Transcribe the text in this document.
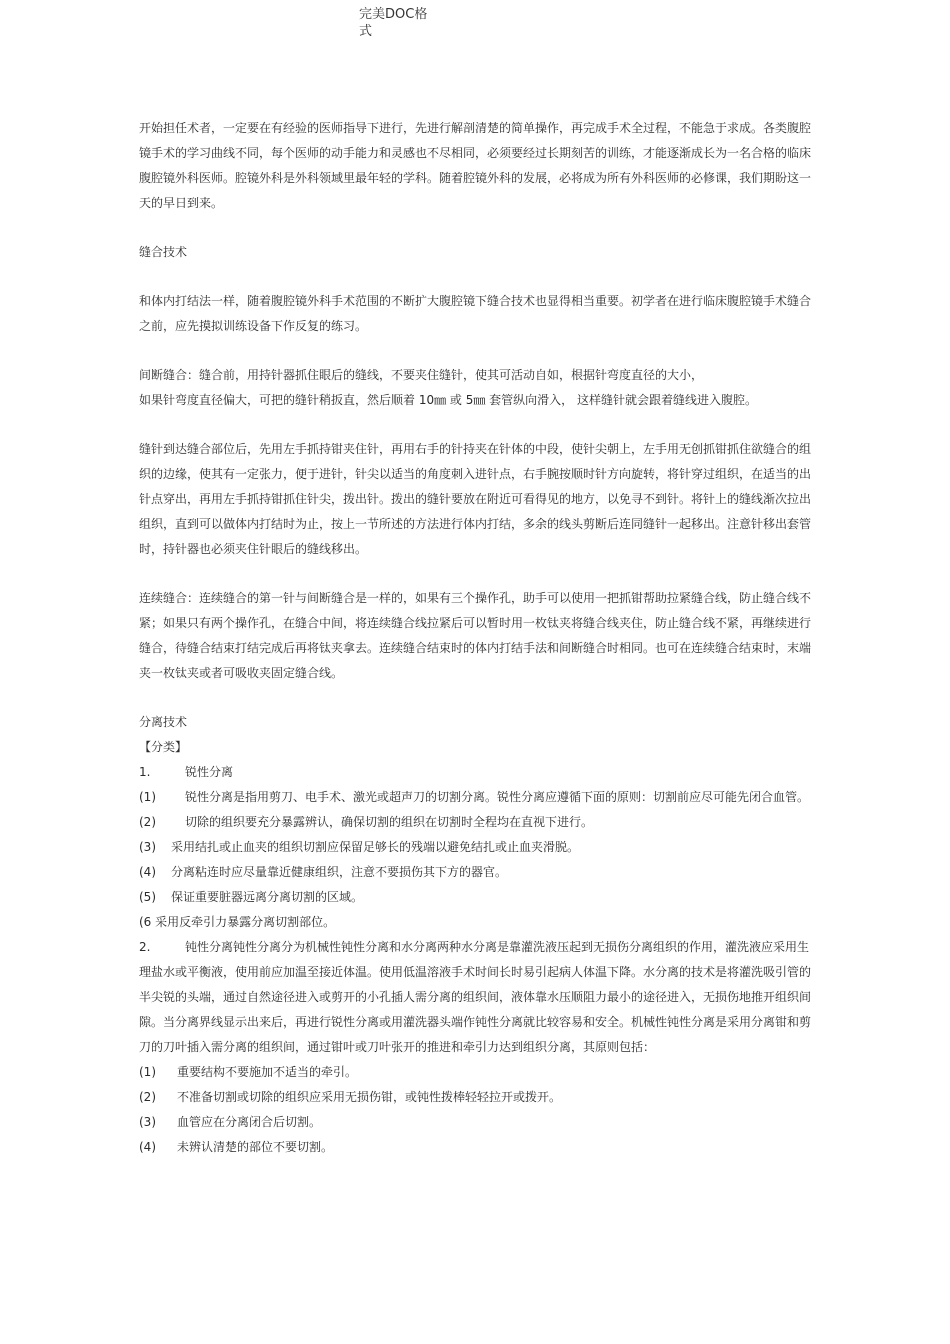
完美DOC格
式

开始担任术者，一定要在有经验的医师指导下进行，先进行解剖清楚的简单操作，再完成手术全过程，不能急于求成。各类腹腔镜手术的学习曲线不同，每个医师的动手能力和灵感也不尽相同，必须要经过长期刻苦的训练，才能逐渐成长为一名合格的临床腹腔镜外科医师。腔镜外科是外科领域里最年轻的学科。随着腔镜外科的发展，必将成为所有外科医师的必修课，我们期盼这一天的早日到来。

缝合技术

和体内打结法一样，随着腹腔镜外科手术范围的不断扩大腹腔镜下缝合技术也显得相当重要。初学者在进行临床腹腔镜手术缝合之前，应先摸拟训练设备下作反复的练习。

间断缝合：缝合前，用持针器抓住眼后的缝线，不要夹住缝针，使其可活动自如，根据针弯度直径的大小，

如果针弯度直径偏大，可把的缝针稍扳直，然后顺着 10㎜ 或 5㎜ 套管纵向滑入， 这样缝针就会跟着缝线进入腹腔。

缝针到达缝合部位后，先用左手抓持钳夹住针，再用右手的针持夹在针体的中段，使针尖朝上，左手用无创抓钳抓住欲缝合的组织的边缘，使其有一定张力，便于进针，针尖以适当的角度刺入进针点，右手腕按顺时针方向旋转，将针穿过组织，在适当的出针点穿出，再用左手抓持钳抓住针尖，拨出针。拨出的缝针要放在附近可看得见的地方，以免寻不到针。将针上的缝线渐次拉出组织，直到可以做体内打结时为止，按上一节所述的方法进行体内打结，多余的线头剪断后连同缝针一起移出。注意针移出套管时，持针器也必须夹住针眼后的缝线移出。

连续缝合：连续缝合的第一针与间断缝合是一样的，如果有三个操作孔，助手可以使用一把抓钳帮助拉紧缝合线，防止缝合线不紧；如果只有两个操作孔，在缝合中间，将连续缝合线拉紧后可以暂时用一枚钛夹将缝合线夹住，防止缝合线不紧，再继续进行缝合，待缝合结束打结完成后再将钛夹拿去。连续缝合结束时的体内打结手法和间断缝合时相同。也可在连续缝合结束时，末端夹一枚钛夹或者可吸收夹固定缝合线。

分离技术

【分类】

1.	锐性分离

(1) 锐性分离是指用剪刀、电手术、激光或超声刀的切割分离。锐性分离应遵循下面的原则：切割前应尽可能先闭合血管。

(2) 切除的组织要充分暴露辨认，确保切割的组织在切割时全程均在直视下进行。

(3) 采用结扎或止血夹的组织切割应保留足够长的残端以避免结扎或止血夹滑脱。

(4) 分离粘连时应尽量靠近健康组织，注意不要损伤其下方的器官。

(5) 保证重要脏器远离分离切割的区域。

(6 采用反牵引力暴露分离切割部位。

2.	钝性分离钝性分离分为机械性钝性分离和水分离两种水分离是靠灌洗液压起到无损伤分离组织的作用，灌洗液应采用生理盐水或平衡液，使用前应加温至接近体温。使用低温溶液手术时间长时易引起病人体温下降。水分离的技术是将灌洗吸引管的半尖锐的头端，通过自然途径进入或剪开的小孔插人需分离的组织间，液体靠水压顺阻力最小的途径进入，无损伤地推开组织间隙。当分离界线显示出来后，再进行锐性分离或用灌洗器头端作钝性分离就比较容易和安全。机械性钝性分离是采用分离钳和剪刀的刀叶插入需分离的组织间，通过钳叶或刀叶张开的推进和牵引力达到组织分离，其原则包括：

(1) 重要结构不要施加不适当的牵引。

(2) 不准备切割或切除的组织应采用无损伤钳，或钝性拨棒轻轻拉开或拨开。

(3) 血管应在分离闭合后切割。

(4) 未辨认清楚的部位不要切割。
